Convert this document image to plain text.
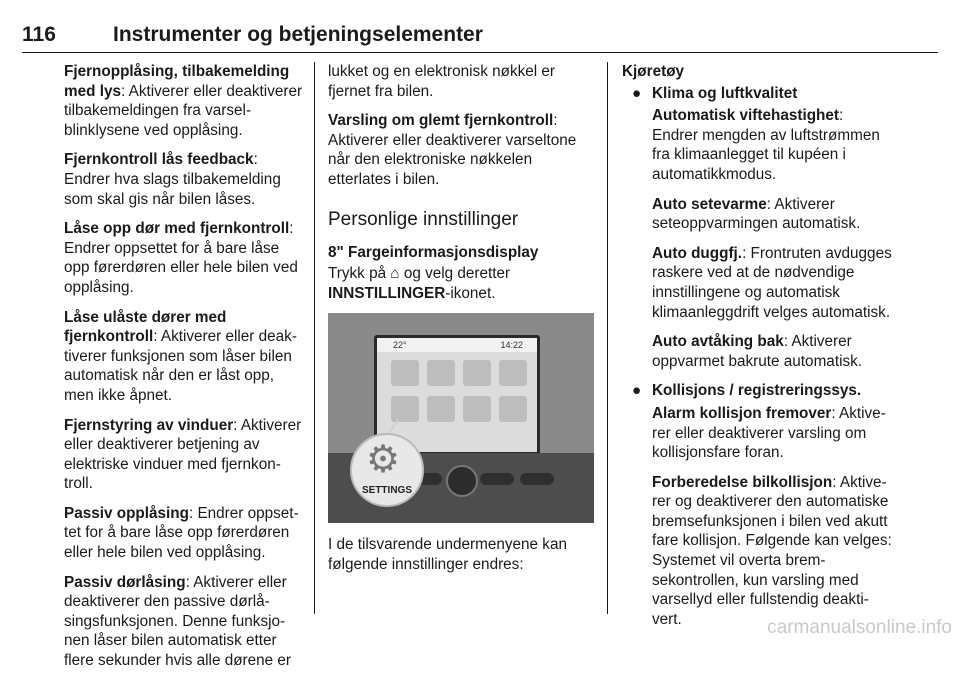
116	Instrumenter og betjeningselementer

Fjernopplåsing, tilbakemelding med lys: Aktiverer eller deaktiverer tilbakemeldingen fra varselblinklysene ved opplåsing.

Fjernkontroll lås feedback: Endrer hva slags tilbakemelding som skal gis når bilen låses.

Låse opp dør med fjernkontroll: Endrer oppsettet for å bare låse opp førerdøren eller hele bilen ved opplåsing.

Låse ulåste dører med fjernkontroll: Aktiverer eller deaktiverer funksjonen som låser bilen automatisk når den er låst opp, men ikke åpnet.

Fjernstyring av vinduer: Aktiverer eller deaktiverer betjening av elektriske vinduer med fjernkontroll.

Passiv opplåsing: Endrer oppsettet for å bare låse opp førerdøren eller hele bilen ved opplåsing.

Passiv dørlåsing: Aktiverer eller deaktiverer den passive dørlåsingsfunksjonen. Denne funksjonen låser bilen automatisk etter flere sekunder hvis alle dørene er

lukket og en elektronisk nøkkel er fjernet fra bilen.

Varsling om glemt fjernkontroll: Aktiverer eller deaktiverer varseltone når den elektroniske nøkkelen etterlates i bilen.

Personlige innstillinger
8" Fargeinformasjonsdisplay

Trykk på ⌂ og velg deretter
INNSTILLINGER-ikonet.

22°	14:22
⚙
SETTINGS

I de tilsvarende undermenyene kan følgende innstillinger endres:

Kjøretøy
● Klima og luftkvalitet

Automatisk viftehastighet: Endrer mengden av luftstrømmen fra klimaanlegget til kupéen i automatikkmodus.

Auto setevarme: Aktiverer seteoppvarmingen automatisk.

Auto duggfj.: Frontruten avdugges raskere ved at de nødvendige innstillingene og automatisk klimaanleggdrift velges automatisk.

Auto avtåking bak: Aktiverer oppvarmet bakrute automatisk.

● Kollisjons / registreringssys.

Alarm kollisjon fremover: Aktiverer eller deaktiverer varsling om kollisjonsfare foran.

Forberedelse bilkollisjon: Aktiverer og deaktiverer den automatiske bremsefunksjonen i bilen ved akutt fare kollisjon. Følgende kan velges: Systemet vil overta bremsekontrollen, kun varsling med varsellyd eller fullstendig deaktivert.	carmanualsonline.info
